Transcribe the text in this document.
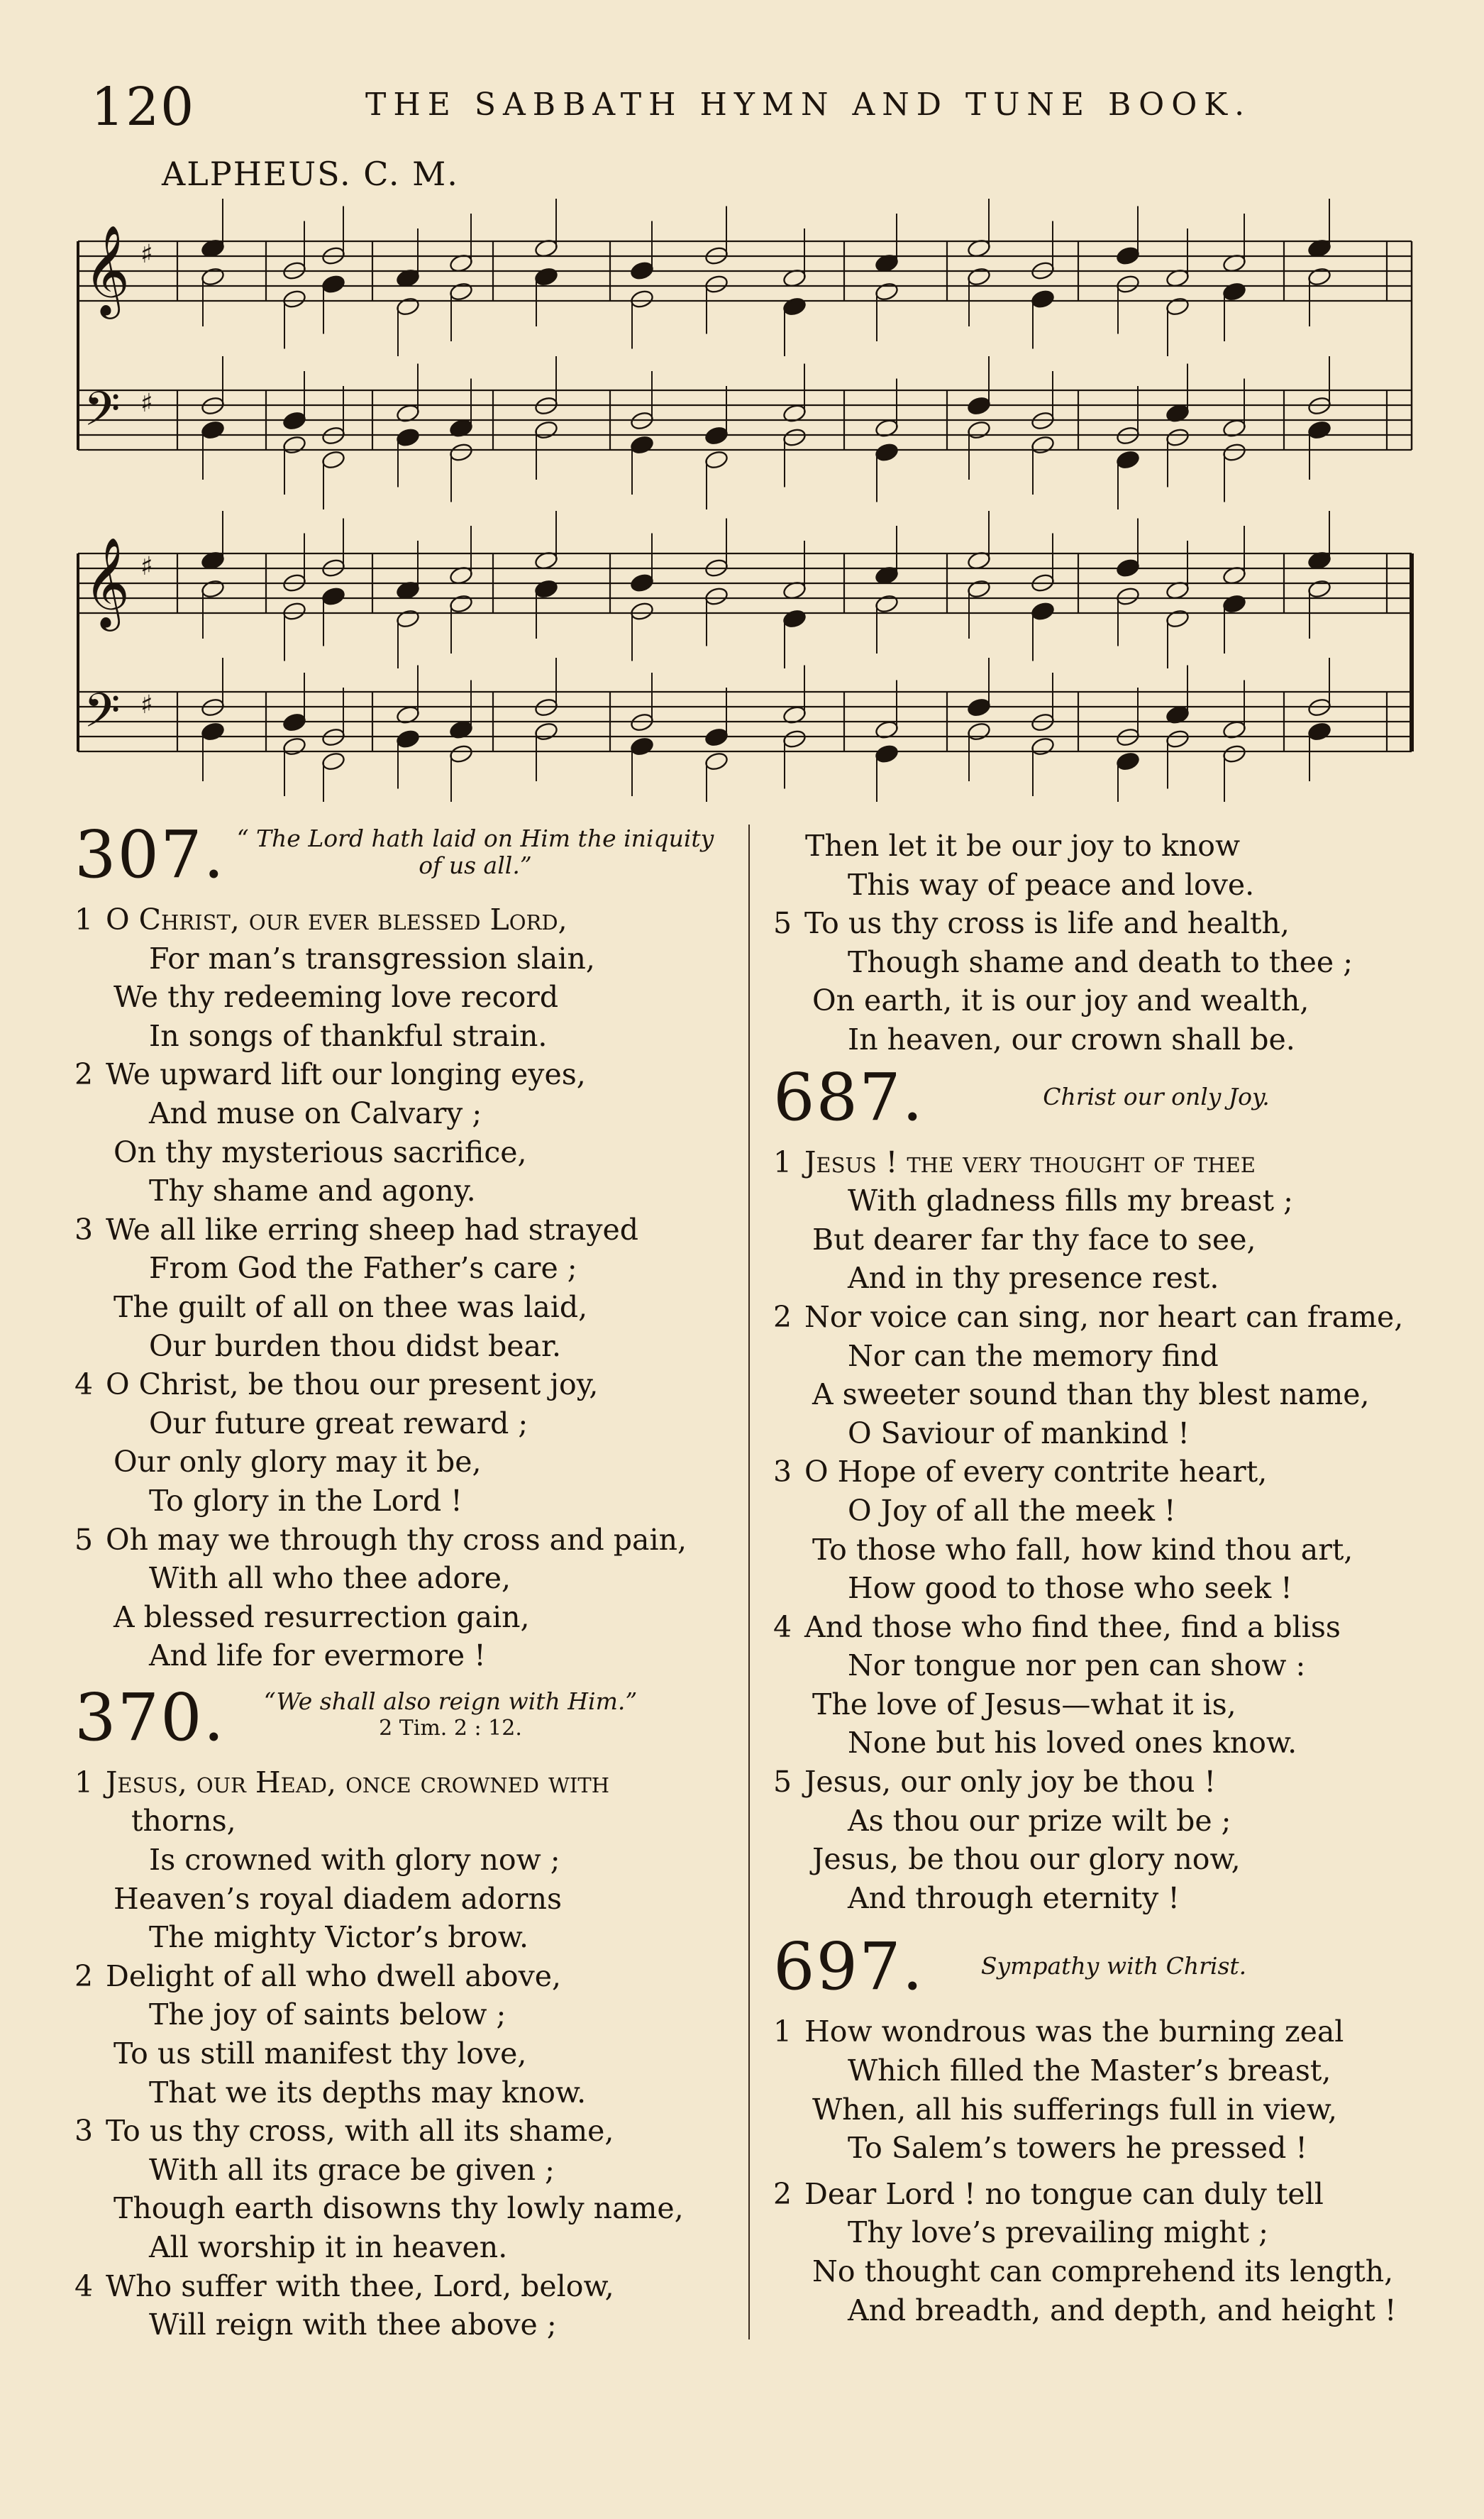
120	THE SABBATH HYMN AND TUNE BOOK.
ALPHEUS. C. M.
𝄞 ♯
𝄢 ♯
𝄞 ♯
𝄢 ♯
307. “ The Lord hath laid on Him the iniquity
of us all.”
1 O Christ, our ever blessed Lord,
For man’s transgression slain,
We thy redeeming love record
In songs of thankful strain.
2 We upward lift our longing eyes,
And muse on Calvary ;
On thy mysterious sacrifice,
Thy shame and agony.
3 We all like erring sheep had strayed
From God the Father’s care ;
The guilt of all on thee was laid,
Our burden thou didst bear.
4 O Christ, be thou our present joy,
Our future great reward ;
Our only glory may it be,
To glory in the Lord !
5 Oh may we through thy cross and pain,
With all who thee adore,
A blessed resurrection gain,
And life for evermore !
370.	“We shall also reign with Him.”
2 Tim. 2 : 12.
1 Jesus, our Head, once crowned with
thorns,
Is crowned with glory now ;
Heaven’s royal diadem adorns
The mighty Victor’s brow.
2 Delight of all who dwell above,
The joy of saints below ;
To us still manifest thy love,
That we its depths may know.
3 To us thy cross, with all its shame,
With all its grace be given ;
Though earth disowns thy lowly name,
All worship it in heaven.
4 Who suffer with thee, Lord, below,
Will reign with thee above ;
Then let it be our joy to know
This way of peace and love.
5 To us thy cross is life and health,
Though shame and death to thee ;
On earth, it is our joy and wealth,
In heaven, our crown shall be.
687.	Christ our only Joy.
1 Jesus ! the very thought of thee
With gladness fills my breast ;
But dearer far thy face to see,
And in thy presence rest.
2 Nor voice can sing, nor heart can frame,
Nor can the memory find
A sweeter sound than thy blest name,
O Saviour of mankind !
3 O Hope of every contrite heart,
O Joy of all the meek !
To those who fall, how kind thou art,
How good to those who seek !
4 And those who find thee, find a bliss
Nor tongue nor pen can show :
The love of Jesus—what it is,
None but his loved ones know.
5 Jesus, our only joy be thou !
As thou our prize wilt be ;
Jesus, be thou our glory now,
And through eternity !
697.	Sympathy with Christ.
1 How wondrous was the burning zeal
Which filled the Master’s breast,
When, all his sufferings full in view,
To Salem’s towers he pressed !
2 Dear Lord ! no tongue can duly tell
Thy love’s prevailing might ;
No thought can comprehend its length,
And breadth, and depth, and height !
